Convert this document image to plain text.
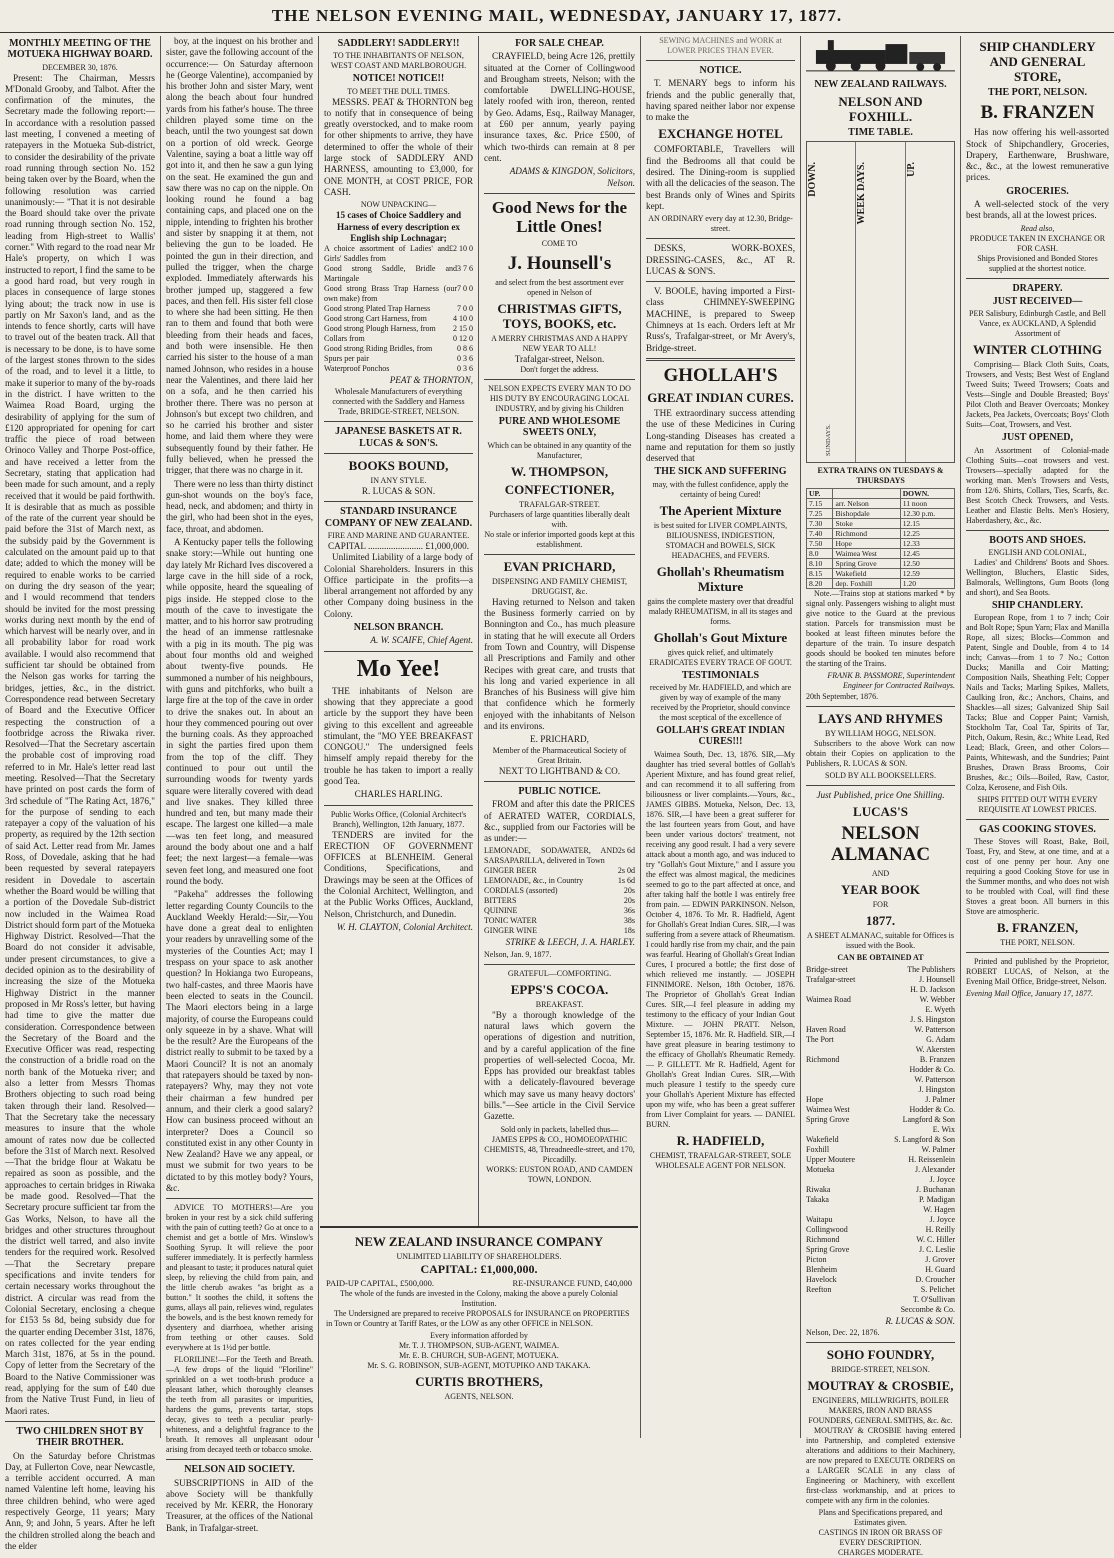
THE NELSON EVENING MAIL, WEDNESDAY, JANUARY 17, 1877.
MONTHLY MEETING OF THE MOTUEKA HIGHWAY BOARD.
DECEMBER 30, 1876.

Present: The Chairman, Messrs M'Donald Grooby, and Talbot. After the confirmation of the minutes, the Secretary made the following report:— In accordance with a resolution passed last meeting, I convened a meeting of ratepayers in the Motueka Sub-district, to consider the desirability of the private road running through section No. 152 being taken over by the Board, when the following resolution was carried unanimously:— "That it is not desirable the Board should take over the private road running through section No. 152, leading from High-street to Wallis' corner." With regard to the road near Mr Hale's property, on which I was instructed to report, I find the same to be a good hard road, but very rough in places in consequence of large stones lying about; the track now in use is partly on Mr Saxon's land, and as the intends to fence shortly, carts will have to travel out of the beaten track. All that is necessary to be done, is to have some of the largest stones thrown to the sides of the road, and to level it a little, to make it superior to many of the by-roads in the district. I have written to the Waimea Road Board, urging the desirability of applying for the sum of £120 appropriated for opening for cart traffic the piece of road between Orinoco Valley and Thorpe Post-office, and have received a letter from the Secretary, stating that application had been made for such amount, and a reply received that it would be paid forthwith. It is desirable that as much as possible of the rate of the current year should be paid before the 31st of March next, as the subsidy paid by the Government is calculated on the amount paid up to that date; added to which the money will be required to enable works to be carried on during the dry season of the year; and I would recommend that tenders should be invited for the most pressing works during next month by the end of which harvest will be nearly over, and in all probability labor for road work available. I would also recommend that sufficient tar should be obtained from the Nelson gas works for tarring the bridges, jetties, &c., in the district. Correspondence read between Secretary of Board and the Executive Officer respecting the construction of a footbridge across the Riwaka river. Resolved—That the Secretary ascertain the probable cost of improving road referred to in Mr. Hale's letter read last meeting. Resolved—That the Secretary have printed on post cards the form of 3rd schedule of "The Rating Act, 1876," for the purpose of sending to each ratepayer a copy of the valuation of his property, as required by the 12th section of said Act. Letter read from Mr. James Ross, of Dovedale, asking that he had been requested by several ratepayers resident in Dovedale to ascertain whether the Board would be willing that a portion of the Dovedale Sub-district now included in the Waimea Road District should form part of the Motueka Highway District. Resolved—That the Board do not consider it advisable, under present circumstances, to give a decided opinion as to the desirability of increasing the size of the Motueka Highway District in the manner proposed in Mr Ross's letter, but having had time to give the matter due consideration. Correspondence between the Secretary of the Board and the Executive Officer was read, respecting the construction of a bridle road on the north bank of the Motueka river; and also a letter from Messrs Thomas Brothers objecting to such road being taken through their land. Resolved—That the Secretary take the necessary measures to insure that the whole amount of rates now due be collected before the 31st of March next. Resolved—That the bridge flour at Wakatu be repaired as soon as possible, and the approaches to certain bridges in Riwaka be made good. Resolved—That the Secretary procure sufficient tar from the Gas Works, Nelson, to have all the bridges and other structures throughout the district well tarred, and also invite tenders for the required work. Resolved—That the Secretary prepare specifications and invite tenders for certain necessary works throughout the district. A circular was read from the Colonial Secretary, enclosing a cheque for £153 5s 8d, being subsidy due for the quarter ending December 31st, 1876, on rates collected for the year ending March 31st, 1876, at 5s in the pound. Copy of letter from the Secretary of the Board to the Native Commissioner was read, applying for the sum of £40 due from the Native Trust Fund, in lieu of Maori rates.

TWO CHILDREN SHOT BY THEIR BROTHER.

On the Saturday before Christmas Day, at Fullerton Cove, near Newcastle, a terrible accident occurred. A man named Valentine left home, leaving his three children behind, who were aged respectively George, 11 years; Mary Ann, 9; and John, 5 years. After he left the children strolled along the beach and the elder

boy, at the inquest on his brother and sister, gave the following account of the occurrence:— On Saturday afternoon he (George Valentine), accompanied by his brother John and sister Mary, went along the beach about four hundred yards from his father's house. The three children played some time on the beach, until the two youngest sat down on a portion of old wreck. George Valentine, saying a boat a little way off got into it, and then he saw a gun lying on the seat. He examined the gun and saw there was no cap on the nipple. On looking round he found a bag containing caps, and placed one on the nipple, intending to frighten his brother and sister by snapping it at them, not believing the gun to be loaded. He pointed the gun in their direction, and pulled the trigger, when the charge exploded. Immediately afterwards his brother jumped up, staggered a few paces, and then fell. His sister fell close to where she had been sitting. He then ran to them and found that both were bleeding from their heads and faces, and both were insensible. He then carried his sister to the house of a man named Johnson, who resides in a house near the Valentines, and there laid her on a sofa, and he then carried his brother there. There was no person at Johnson's but except two children, and so he carried his brother and sister home, and laid them where they were subsequently found by their father. He fully believed, when he pressed the trigger, that there was no charge in it.

There were no less than thirty distinct gun-shot wounds on the boy's face, head, neck, and abdomen; and thirty in the girl, who had been shot in the eyes, face, throat, and abdomen.

A Kentucky paper tells the following snake story:—While out hunting one day lately Mr Richard Ives discovered a large cave in the hill side of a rock, while opposite, heard the squealing of pigs inside. He stepped close to the mouth of the cave to investigate the matter, and to his horror saw protruding the head of an immense rattlesnake with a pig in its mouth. The pig was about four months old and weighed about twenty-five pounds. He summoned a number of his neighbours, with guns and pitchforks, who built a large fire at the top of the cave in order to drive the snakes out. In about an hour they commenced pouring out over the burning coals. As they approached in sight the parties fired upon them from the top of the cliff. They continued to pour out until the surrounding woods for twenty yards square were literally covered with dead and live snakes. They killed three hundred and ten, but many made their escape. The largest one killed—a male—was ten feet long, and measured around the body about one and a half feet; the next largest—a female—was seven feet long, and measured one foot round the body.

"Pakeha" addresses the following letter regarding County Councils to the Auckland Weekly Herald:—Sir,—You have done a great deal to enlighten your readers by unravelling some of the mysteries of the Counties Act; may I trespass on your space to ask another question? In Hokianga two Europeans, two half-castes, and three Maoris have been elected to seats in the Council. The Maori electors being in a large majority, of course the Europeans could only squeeze in by a shave. What will be the result? Are the Europeans of the district really to submit to be taxed by a Maori Council? It is not an anomaly that ratepayers should be taxed by non-ratepayers? Why, may they not vote their chairman a few hundred per annum, and their clerk a good salary? How can business proceed without an interpreter? Does a Council so constituted exist in any other County in New Zealand? Have we any appeal, or must we submit for two years to be dictated to by this motley body? Yours, &c.

ADVICE TO MOTHERS!—Are you broken in your rest by a sick child suffering with the pain of cutting teeth? Go at once to a chemist and get a bottle of Mrs. Winslow's Soothing Syrup. It will relieve the poor sufferer immediately. It is perfectly harmless and pleasant to taste; it produces natural quiet sleep, by relieving the child from pain, and the little cherub awakes "as bright as a button." It soothes the child, it softens the gums, allays all pain, relieves wind, regulates the bowels, and is the best known remedy for dysentery and diarrhoea, whether arising from teething or other causes. Sold everywhere at 1s 1½d per bottle.

FLORILINE!—For the Teeth and Breath.—A few drops of the liquid "Floriline" sprinkled on a wet tooth-brush produce a pleasant lather, which thoroughly cleanses the teeth from all parasites or impurities, hardens the gums, prevents tartar, stops decay, gives to teeth a peculiar pearly-whiteness, and a delightful fragrance to the breath. It removes all unpleasant odour arising from decayed teeth or tobacco smoke.

NELSON AID SOCIETY.

SUBSCRIPTIONS in AID of the above Society will be thankfully received by Mr. KERR, the Honorary Treasurer, at the offices of the National Bank, in Trafalgar-street.

SADDLERY! SADDLERY!!
TO THE INHABITANTS OF NELSON, WEST COAST AND MARLBOROUGH.
NOTICE! NOTICE!!
TO MEET THE DULL TIMES.

MESSRS. PEAT & THORNTON beg to notify that in consequence of being greatly overstocked, and to make room for other shipments to arrive, they have determined to offer the whole of their large stock of SADDLERY AND HARNESS, amounting to £3,000, for ONE MONTH, at COST PRICE, FOR CASH.

NOW UNPACKING—
15 cases of Choice Saddlery and Harness of every description ex English ship Lochnagar;
A choice assortment of Ladies' and Girls' Saddles from
£2 10 0
Good strong Saddle, Bridle and Martingale
3 7 6
Good strong Brass Trap Harness (our own make) from
7 0 0
Good strong Plated Trap Harness	7 0 0
Good strong Cart Harness, from	4 10 0
Good strong Plough Harness, from 2 15 0
Collars from	0 12 0
Good strong Riding Bridles, from	0 8 6
Spurs per pair	0 3 6
Waterproof Ponchos	0 3 6
PEAT & THORNTON,
Wholesale Manufacturers of everything connected with the Saddlery and Harness Trade, BRIDGE-STREET, NELSON.
JAPANESE BASKETS AT R. LUCAS & SON'S.
BOOKS BOUND,
IN ANY STYLE.
R. LUCAS & SON.
STANDARD INSURANCE COMPANY OF NEW ZEALAND.
FIRE AND MARINE AND GUARANTEE.
CAPITAL ........................ £1,000,000.

Unlimited Liability of a large body of Colonial Shareholders. Insurers in this Office participate in the profits—a liberal arrangement not afforded by any other Company doing business in the Colony.

NELSON BRANCH.
A. W. SCAIFE, Chief Agent.
Mo Yee!

THE inhabitants of Nelson are showing that they appreciate a good article by the support they have been giving to this excellent and agreeable stimulant, the "MO YEE BREAKFAST CONGOU." The undersigned feels himself amply repaid thereby for the trouble he has taken to import a really good Tea.

CHARLES HARLING.
Public Works Office, (Colonial Architect's Branch), Wellington, 12th January, 1877.

TENDERS are invited for the ERECTION OF GOVERNMENT OFFICES at BLENHEIM. General Conditions, Specifications, and Drawings may be seen at the Offices of the Colonial Architect, Wellington, and at the Public Works Offices, Auckland, Nelson, Christchurch, and Dunedin.

W. H. CLAYTON, Colonial Architect.
FOR SALE CHEAP.

CRAYFIELD, being Acre 126, prettily situated at the Corner of Collingwood and Brougham streets, Nelson; with the comfortable DWELLING-HOUSE, lately roofed with iron, thereon, rented by Geo. Adams, Esq., Railway Manager, at £60 per annum, yearly paying insurance taxes, &c. Price £500, of which two-thirds can remain at 8 per cent.

ADAMS & KINGDON, Solicitors, Nelson.
Good News for the Little Ones!
COME TO
J. Hounsell's
and select from the best assortment ever opened in Nelson of
CHRISTMAS GIFTS, TOYS, BOOKS, etc.
A MERRY CHRISTMAS AND A HAPPY NEW YEAR TO ALL!
Trafalgar-street, Nelson.
Don't forget the address.
NELSON EXPECTS EVERY MAN TO DO HIS DUTY BY ENCOURAGING LOCAL INDUSTRY, and by giving his Children
PURE AND WHOLESOME SWEETS ONLY,
Which can be obtained in any quantity of the Manufacturer,
W. THOMPSON,
CONFECTIONER,
TRAFALGAR-STREET.
Purchasers of large quantities liberally dealt with.
No stale or inferior imported goods kept at this establishment.
EVAN PRICHARD,
DISPENSING AND FAMILY CHEMIST, DRUGGIST, &c.

Having returned to Nelson and taken the Business formerly carried on by Bonnington and Co., has much pleasure in stating that he will execute all Orders from Town and Country, will Dispense all Prescriptions and Family and other Recipes with great care, and trusts that his long and varied experience in all Branches of his Business will give him that confidence which he formerly enjoyed with the inhabitants of Nelson and its environs.

E. PRICHARD,
Member of the Pharmaceutical Society of Great Britain.
NEXT TO LIGHTBAND & CO.
PUBLIC NOTICE.

FROM and after this date the PRICES of AERATED WATER, CORDIALS, &c., supplied from our Factories will be as under:—

LEMONADE, SODAWATER, AND SARSAPARILLA, delivered in Town
2s 6d
GINGER BEER	2s 0d
LEMONADE, &c., in Country	1s 6d
CORDIALS (assorted)	20s
BITTERS	20s
QUININE	36s
TONIC WATER	38s
GINGER WINE	18s
STRIKE & LEECH, J. A. HARLEY.
Nelson, Jan. 9, 1877.
GRATEFUL—COMFORTING.
EPPS'S COCOA.
BREAKFAST.

"By a thorough knowledge of the natural laws which govern the operations of digestion and nutrition, and by a careful application of the fine properties of well-selected Cocoa, Mr. Epps has provided our breakfast tables with a delicately-flavoured beverage which may save us many heavy doctors' bills."—See article in the Civil Service Gazette.

Sold only in packets, labelled thus—
JAMES EPPS & CO., HOMOEOPATHIC CHEMISTS, 48, Threadneedle-street, and 170, Piccadilly.
WORKS: EUSTON ROAD, AND CAMDEN TOWN, LONDON.
SEWING MACHINES and WORK at LOWER PRICES THAN EVER.
NOTICE.

T. MENARY begs to inform his friends and the public generally that, having spared neither labor nor expense to make the

EXCHANGE HOTEL

COMFORTABLE, Travellers will find the Bedrooms all that could be desired. The Dining-room is supplied with all the delicacies of the season. The best Brands only of Wines and Spirits kept.

AN ORDINARY every day at 12.30, Bridge-street.

DESKS, WORK-BOXES, DRESSING-CASES, &c., AT R. LUCAS & SON'S.

V. BOOLE, having imported a First-class CHIMNEY-SWEEPING MACHINE, is prepared to Sweep Chimneys at 1s each. Orders left at Mr Russ's, Trafalgar-street, or Mr Avery's, Bridge-street.

GHOLLAH'S
GREAT INDIAN CURES.

THE extraordinary success attending the use of these Medicines in Curing Long-standing Diseases has created a name and reputation for them so justly deserved that

THE SICK AND SUFFERING
may, with the fullest confidence, apply the certainty of being Cured!
The Aperient Mixture
is best suited for LIVER COMPLAINTS, BILIOUSNESS, INDIGESTION, STOMACH and BOWELS, SICK HEADACHES, and FEVERS.
Ghollah's Rheumatism Mixture
gains the complete mastery over that dreadful malady RHEUMATISM, in all its stages and forms.
Ghollah's Gout Mixture
gives quick relief, and ultimately ERADICATES EVERY TRACE OF GOUT.
TESTIMONIALS
received by Mr. HADFIELD, and which are given by way of example of the many received by the Proprietor, should convince the most sceptical of the excellence of
GOLLAH'S GREAT INDIAN CURES!!!

Waimea South, Dec. 13, 1876. SIR,—My daughter has tried several bottles of Gollah's Aperient Mixture, and has found great relief, and can recommend it to all suffering from biliousness or liver complaints.—Yours, &c., JAMES GIBBS. Motueka, Nelson, Dec. 13, 1876. SIR,—I have been a great sufferer for the last fourteen years from Gout, and have been under various doctors' treatment, not receiving any good result. I had a very severe attack about a month ago, and was induced to try "Gollah's Gout Mixture," and I assure you the effect was almost magical, the medicines seemed to go to the part affected at once, and after taking half the bottle I was entirely free from pain. — EDWIN PARKINSON. Nelson, October 4, 1876. To Mr. R. Hadfield, Agent for Ghollah's Great Indian Cures. SIR,—I was suffering from a severe attack of Rheumatism. I could hardly rise from my chair, and the pain was fearful. Hearing of Ghollah's Great Indian Cures, I procured a bottle; the first dose of which relieved me instantly. — JOSEPH FINNIMORE. Nelson, 18th October, 1876. The Proprietor of Ghollah's Great Indian Cures. SIR,—I feel pleasure in adding my testimony to the efficacy of your Indian Gout Mixture. — JOHN PRATT. Nelson, September 15, 1876. Mr. R. Hadfield. SIR,—I have great pleasure in bearing testimony to the efficacy of Ghollah's Rheumatic Remedy. — P. GILLETT. Mr R. Hadfield, Agent for Ghollah's Great Indian Cures. SIR,—With much pleasure I testify to the speedy cure your Ghollah's Aperient Mixture has effected upon my wife, who has been a great sufferer from Liver Complaint for years. — DANIEL BURN.

R. HADFIELD,
CHEMIST, TRAFALGAR-STREET, SOLE WHOLESALE AGENT FOR NELSON.
NEW ZEALAND RAILWAYS.
NELSON AND FOXHILL.
TIME TABLE.
DOWN.
SUNDAYS.
WEEK DAYS.	UP.
EXTRA TRAINS ON TUESDAYS & THURSDAYS
UP.		DOWN.
7.15	arr. Nelson	11 noon
7.25	Bishopdale	12.30 p.m.
7.30	Stoke	12.15
7.40	Richmond	12.25
7.50	Hope	12.33
8.0	Waimea West	12.45
8.10	Spring Grove	12.50
8.15	Wakefield	12.59
8.20	dep. Foxhill	1.20

Note.—Trains stop at stations marked * by signal only. Passengers wishing to alight must give notice to the Guard at the previous station. Parcels for transmission must be booked at least fifteen minutes before the departure of the train. To insure despatch goods should be booked ten minutes before the starting of the Trains.

FRANK B. PASSMORE, Superintendent Engineer for Contracted Railways.
20th September, 1876.
LAYS AND RHYMES
BY WILLIAM HOGG, NELSON.

Subscribers to the above Work can now obtain their Copies on application to the Publishers, R. LUCAS & SON.

SOLD BY ALL BOOKSELLERS.
Just Published, price One Shilling.
LUCAS'S
NELSON ALMANAC
AND
YEAR BOOK
FOR
1877.
A SHEET ALMANAC, suitable for Offices is issued with the Book.
CAN BE OBTAINED AT
Bridge-street	The Publishers
Trafalgar-street	J. Hounsell
H. D. Jackson
Waimea Road	W. Webber
E. Wyeth
J. S. Hingston
Haven Road	W. Patterson
The Port	G. Adam
W. Akersten
Richmond	B. Franzen
Hodder & Co.
W. Patterson
J. Hingston
Hope	J. Palmer
Waimea West	Hodder & Co.
Spring Grove	Langford & Son
E. Wix
Wakefield	S. Langford & Son
Foxhill	W. Palmer
Upper Moutere	H. Reissenlein
Motueka	J. Alexander
J. Joyce
Riwaka	J. Buchanan
Takaka	P. Madigan
W. Hagen
Waitapu	J. Joyce
Collingwood	H. Reilly
Richmond	W. C. Hiller
Spring Grove	J. C. Leslie
Picton	J. Grover
Blenheim	H. Guard
Havelock	D. Croucher
Reefton	S. Pelichet
T. O'Sullivan
Seccombe & Co.
R. LUCAS & SON.
Nelson, Dec. 22, 1876.
SOHO FOUNDRY,
BRIDGE-STREET, NELSON.
MOUTRAY & CROSBIE,
ENGINEERS, MILLWRIGHTS, BOILER MAKERS, IRON AND BRASS FOUNDERS, GENERAL SMITHS, &c. &c.

MOUTRAY & CROSBIE having entered into Partnership, and completed extensive alterations and additions to their Machinery, are now prepared to EXECUTE ORDERS on a LARGER SCALE in any class of Engineering or Machinery, with excellent first-class workmanship, and at prices to compete with any firm in the colonies.

Plans and Specifications prepared, and Estimates given.
CASTINGS IN IRON OR BRASS OF EVERY DESCRIPTION.
CHARGES MODERATE.
SHIP CHANDLERY AND GENERAL STORE,
THE PORT, NELSON.
B. FRANZEN

Has now offering his well-assorted Stock of Shipchandlery, Groceries, Drapery, Earthenware, Brushware, &c., &c., at the lowest remunerative prices.

GROCERIES.

A well-selected stock of the very best brands, all at the lowest prices.

Read also,
PRODUCE TAKEN IN EXCHANGE OR FOR CASH.
Ships Provisioned and Bonded Stores supplied at the shortest notice.
DRAPERY.
JUST RECEIVED—
PER Salisbury, Edinburgh Castle, and Bell Vance, ex AUCKLAND, A Splendid Assortment of
WINTER CLOTHING

Comprising— Black Cloth Suits, Coats, Trowsers, and Vests; Best West of England Tweed Suits; Tweed Trowsers; Coats and Vests—Single and Double Breasted; Boys' Pilot Cloth and Beaver Overcoats; Monkey Jackets, Pea Jackets, Overcoats; Boys' Cloth Suits—Coat, Trowsers, and Vest.

JUST OPENED,

An Assortment of Colonial-made Clothing Suits—coat trowsers and vest. Trowsers—specially adapted for the working man. Men's Trowsers and Vests, from 12/6. Shirts, Collars, Ties, Scarfs, &c. Best Scotch Check Trowsers, and Vests. Leather and Elastic Belts. Men's Hosiery, Haberdashery, &c., &c.

BOOTS AND SHOES.
ENGLISH AND COLONIAL,

Ladies' and Childrens' Boots and Shoes. Wellington, Bluchers, Elastic Sides, Balmorals, Wellingtons, Gum Boots (long and short), and Sea Boots.

SHIP CHANDLERY.

European Rope, from 1 to 7 inch; Coir and Bolt Rope; Spun Yarn; Flax and Manilla Rope, all sizes; Blocks—Common and Patent, Single and Double, from 4 to 14 inch; Canvas—from 1 to 7 No.; Cotton Ducks; Manilla and Coir Matting; Composition Nails, Sheathing Felt; Copper Nails and Tacks; Marling Spikes, Mallets, Caulking Iron, &c.; Anchors, Chains, and Shackles—all sizes; Galvanized Ship Sail Tacks; Blue and Copper Paint; Varnish, Stockholm Tar, Coal Tar, Spirits of Tar, Pitch, Oakum, Resin, &c.; White Lead, Red Lead; Black, Green, and other Colors—Paints, Whitewash, and the Sundries; Paint Brushes, Drawn Brass Brooms, Coir Brushes, &c.; Oils—Boiled, Raw, Castor, Colza, Kerosene, and Fish Oils.

SHIPS FITTED OUT WITH EVERY REQUISITE AT LOWEST PRICES.
GAS COOKING STOVES.

These Stoves will Roast, Bake, Boil, Toast, Fry, and Stew, at one time, and at a cost of one penny per hour. Any one requiring a good Cooking Stove for use in the Summer months, and who does not wish to be troubled with Coal, will find these Stoves a great boon. All burners in this Stove are atmospheric.

B. FRANZEN,
THE PORT, NELSON.

Printed and published by the Proprietor, ROBERT LUCAS, of Nelson, at the Evening Mail Office, Bridge-street, Nelson.

Evening Mail Office, January 17, 1877.
NEW ZEALAND INSURANCE COMPANY
UNLIMITED LIABILITY OF SHAREHOLDERS.
CAPITAL: £1,000,000.
PAID-UP CAPITAL, £500,000.	RE-INSURANCE FUND, £40,000
The whole of the funds are invested in the Colony, making the above a purely Colonial Institution.

The Undersigned are prepared to receive PROPOSALS for INSURANCE on PROPERTIES in Town or Country at Tariff Rates, or the LOW as any other OFFICE in NELSON.

Every information afforded by
Mr. T. J. THOMPSON, SUB-AGENT, WAIMEA.
Mr. E. B. CHURCH, SUB-AGENT, MOTUEKA.
Mr. S. G. ROBINSON, SUB-AGENT, MOTUPIKO AND TAKAKA.
CURTIS BROTHERS,
AGENTS, NELSON.
